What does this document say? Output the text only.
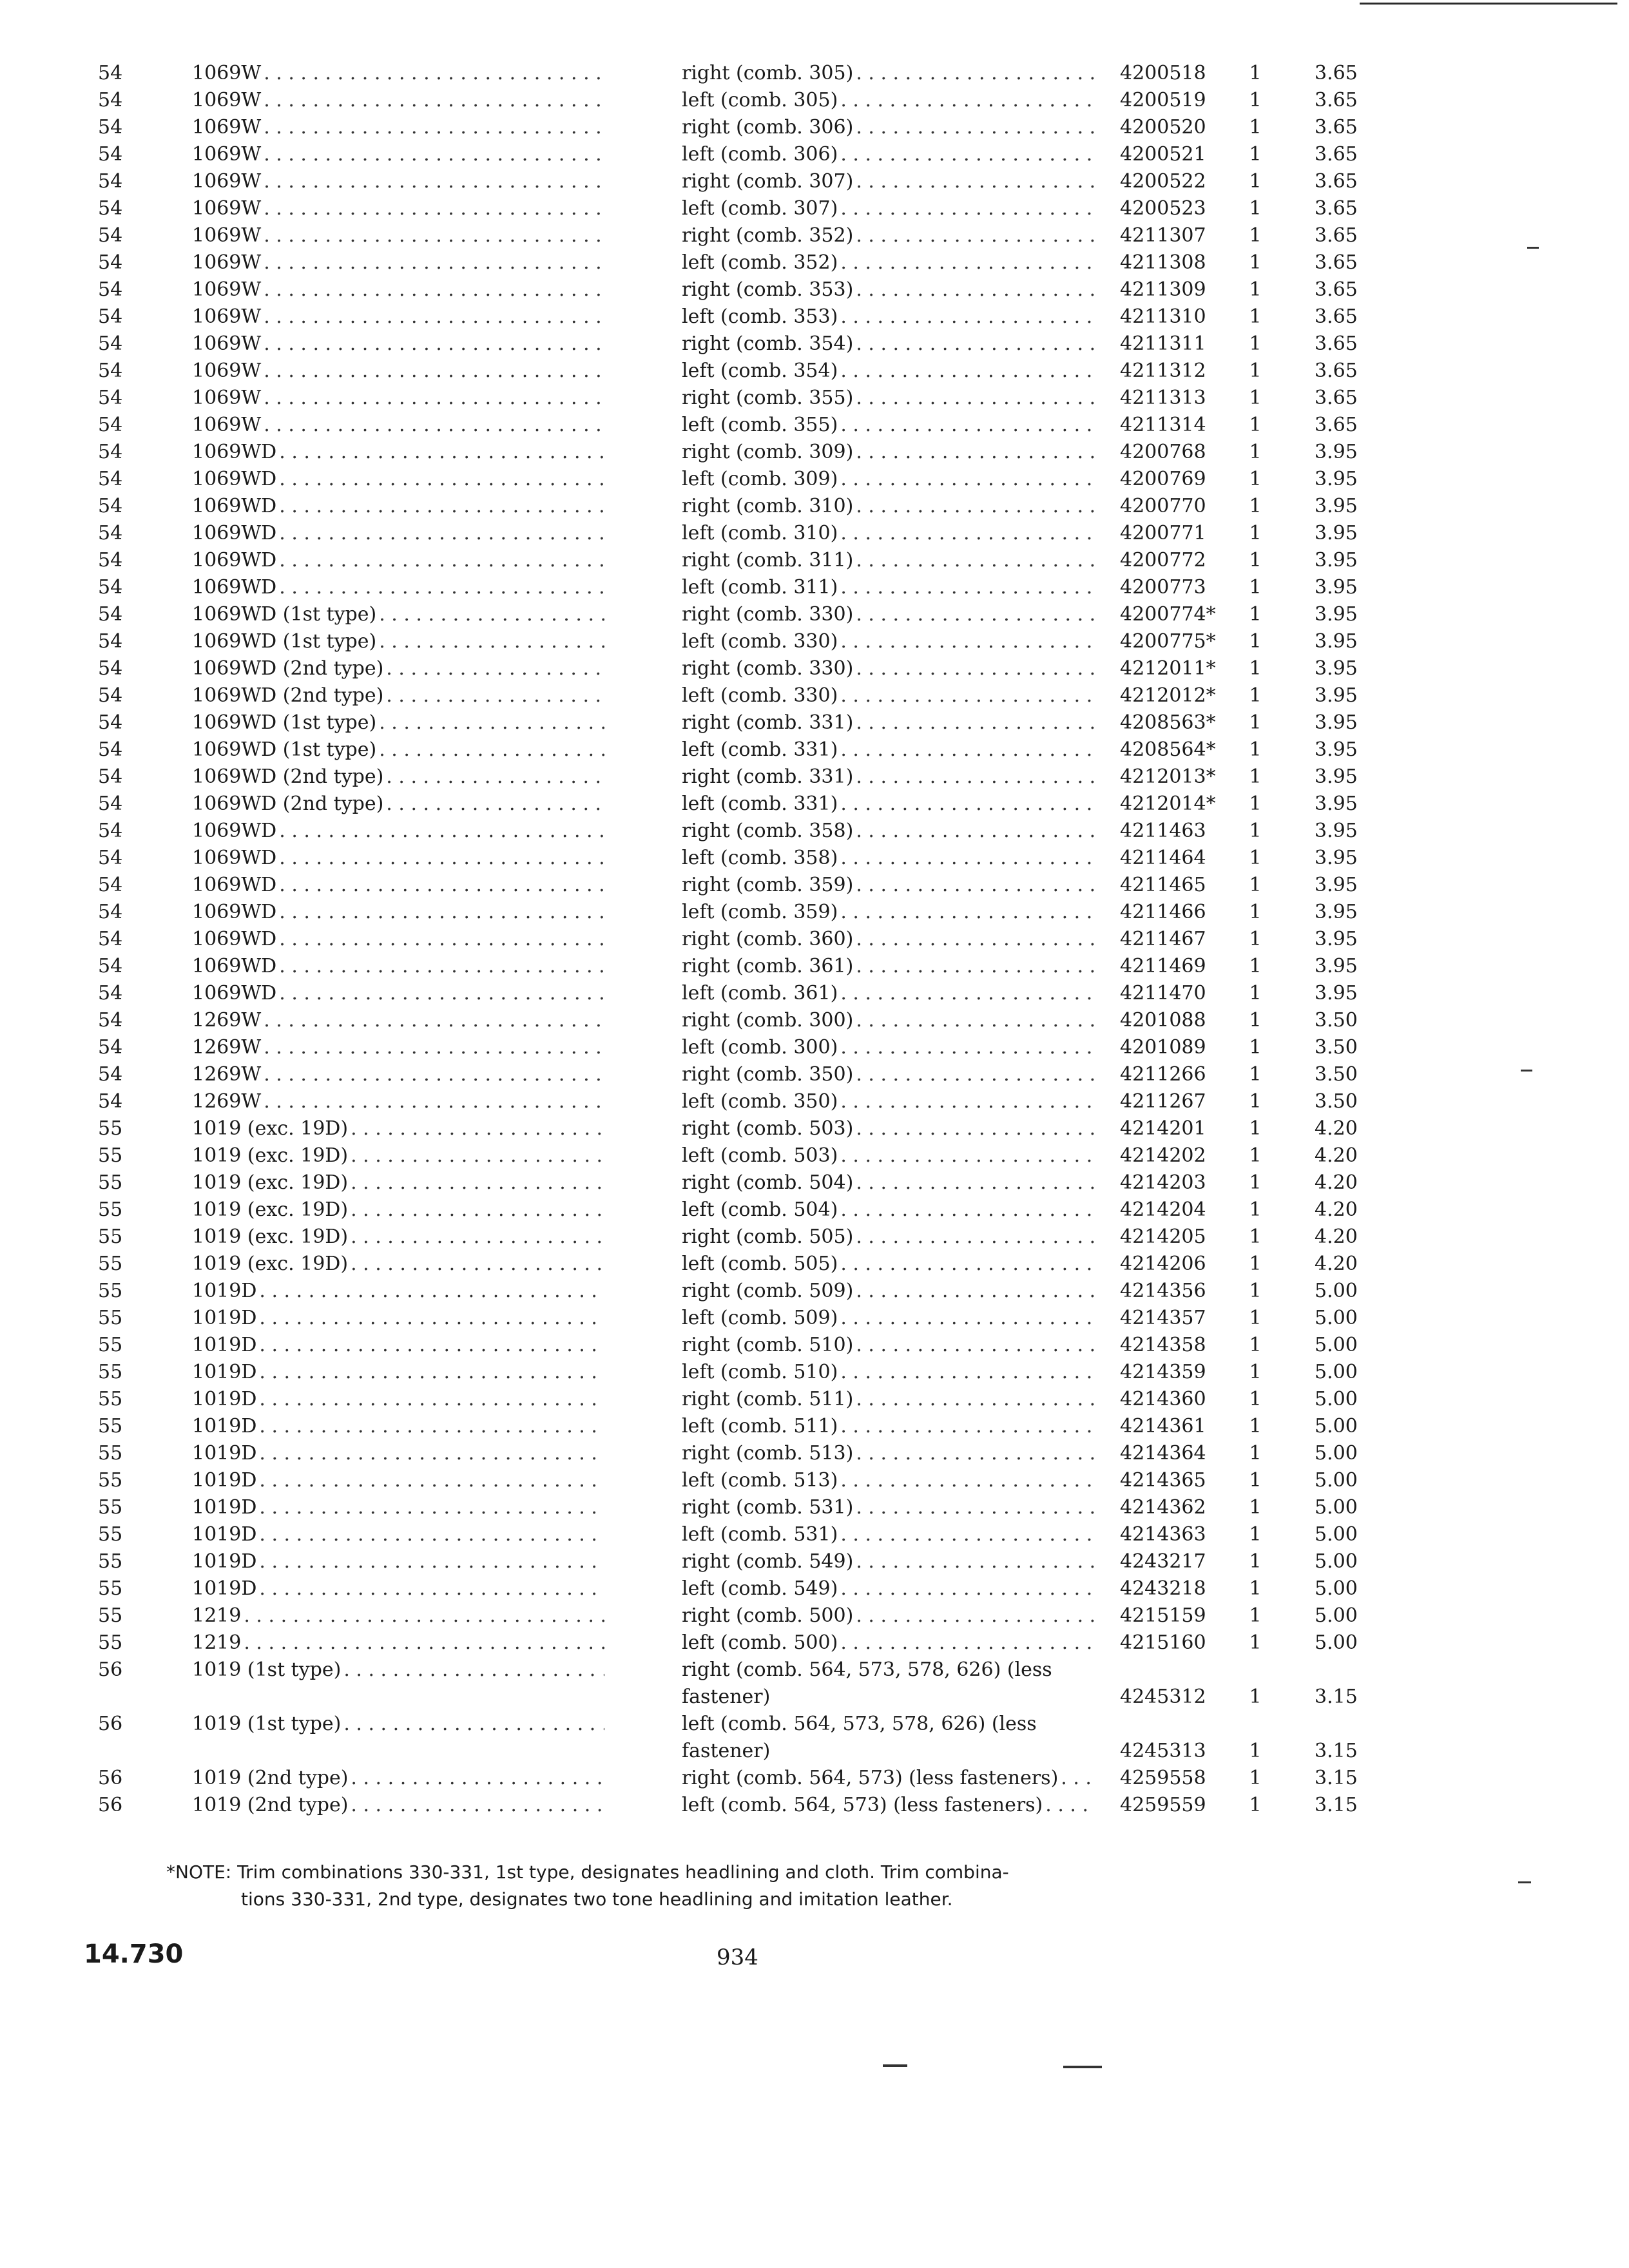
54	1069W . . .	right (comb. 305) . . .	4200518	1	3.65
54	1069W . . .	left (comb. 305) . . .	4200519	1	3.65
54	1069W . . .	right (comb. 306) . . .	4200520	1	3.65
54	1069W . . .	left (comb. 306) . . .	4200521	1	3.65
54	1069W . . .	right (comb. 307) . . .	4200522	1	3.65
54	1069W . . .	left (comb. 307) . . .	4200523	1	3.65
54	1069W . . .	right (comb. 352) . . .	4211307	1	3.65
54	1069W . . .	left (comb. 352) . . .	4211308	1	3.65
54	1069W . . .	right (comb. 353) . . .	4211309	1	3.65
54	1069W . . .	left (comb. 353) . . .	4211310	1	3.65
54	1069W . . .	right (comb. 354) . . .	4211311	1	3.65
54	1069W . . .	left (comb. 354) . . .	4211312	1	3.65
54	1069W . . .	right (comb. 355) . . .	4211313	1	3.65
54	1069W . . .	left (comb. 355) . . .	4211314	1	3.65
54	1069WD . . .	right (comb. 309) . . .	4200768	1	3.95
54	1069WD . . .	left (comb. 309) . . .	4200769	1	3.95
54	1069WD . . .	right (comb. 310) . . .	4200770	1	3.95
54	1069WD . . .	left (comb. 310) . . .	4200771	1	3.95
54	1069WD . . .	right (comb. 311) . . .	4200772	1	3.95
54	1069WD . . .	left (comb. 311) . . .	4200773	1	3.95
54	1069WD (1st type) . . .	right (comb. 330) . . .	4200774*	1	3.95
54	1069WD (1st type) . . .	left (comb. 330) . . .	4200775*	1	3.95
54	1069WD (2nd type) . . .	right (comb. 330) . . .	4212011*	1	3.95
54	1069WD (2nd type) . . .	left (comb. 330) . . .	4212012*	1	3.95
54	1069WD (1st type) . . .	right (comb. 331) . . .	4208563*	1	3.95
54	1069WD (1st type) . . .	left (comb. 331) . . .	4208564*	1	3.95
54	1069WD (2nd type) . . .	right (comb. 331) . . .	4212013*	1	3.95
54	1069WD (2nd type) . . .	left (comb. 331) . . .	4212014*	1	3.95
54	1069WD . . .	right (comb. 358) . . .	4211463	1	3.95
54	1069WD . . .	left (comb. 358) . . .	4211464	1	3.95
54	1069WD . . .	right (comb. 359) . . .	4211465	1	3.95
54	1069WD . . .	left (comb. 359) . . .	4211466	1	3.95
54	1069WD . . .	right (comb. 360) . . .	4211467	1	3.95
54	1069WD . . .	right (comb. 361) . . .	4211469	1	3.95
54	1069WD . . .	left (comb. 361) . . .	4211470	1	3.95
54	1269W . . .	right (comb. 300) . . .	4201088	1	3.50
54	1269W . . .	left (comb. 300) . . .	4201089	1	3.50
54	1269W . . .	right (comb. 350) . . .	4211266	1	3.50
54	1269W . . .	left (comb. 350) . . .	4211267	1	3.50
55	1019 (exc. 19D) . . .	right (comb. 503) . . .	4214201	1	4.20
55	1019 (exc. 19D) . . .	left (comb. 503) . . .	4214202	1	4.20
55	1019 (exc. 19D) . . .	right (comb. 504) . . .	4214203	1	4.20
55	1019 (exc. 19D) . . .	left (comb. 504) . . .	4214204	1	4.20
55	1019 (exc. 19D) . . .	right (comb. 505) . . .	4214205	1	4.20
55	1019 (exc. 19D) . . .	left (comb. 505) . . .	4214206	1	4.20
55	1019D . . .	right (comb. 509) . . .	4214356	1	5.00
55	1019D . . .	left (comb. 509) . . .	4214357	1	5.00
55	1019D . . .	right (comb. 510) . . .	4214358	1	5.00
55	1019D . . .	left (comb. 510) . . .	4214359	1	5.00
55	1019D . . .	right (comb. 511) . . .	4214360	1	5.00
55	1019D . . .	left (comb. 511) . . .	4214361	1	5.00
55	1019D . . .	right (comb. 513) . . .	4214364	1	5.00
55	1019D . . .	left (comb. 513) . . .	4214365	1	5.00
55	1019D . . .	right (comb. 531) . . .	4214362	1	5.00
55	1019D . . .	left (comb. 531) . . .	4214363	1	5.00
55	1019D . . .	right (comb. 549) . . .	4243217	1	5.00
55	1019D . . .	left (comb. 549) . . .	4243218	1	5.00
55	1219 . . .	right (comb. 500) . . .	4215159	1	5.00
55	1219 . . .	left (comb. 500) . . .	4215160	1	5.00
56	1019 (1st type) . . .	right (comb. 564, 573, 578, 626) (less fastener)	4245312	1	3.15
56	1019 (1st type) . . .	left (comb. 564, 573, 578, 626) (less fastener)	4245313	1	3.15
56	1019 (2nd type) . . .	right (comb. 564, 573) (less fasteners) . . .	4259558	1	3.15
56	1019 (2nd type) . . .	left (comb. 564, 573) (less fasteners) . . .	4259559	1	3.15
*NOTE: Trim combinations 330-331, 1st type, designates headlining and cloth. Trim combina-
tions 330-331, 2nd type, designates two tone headlining and imitation leather.
14.730	934
